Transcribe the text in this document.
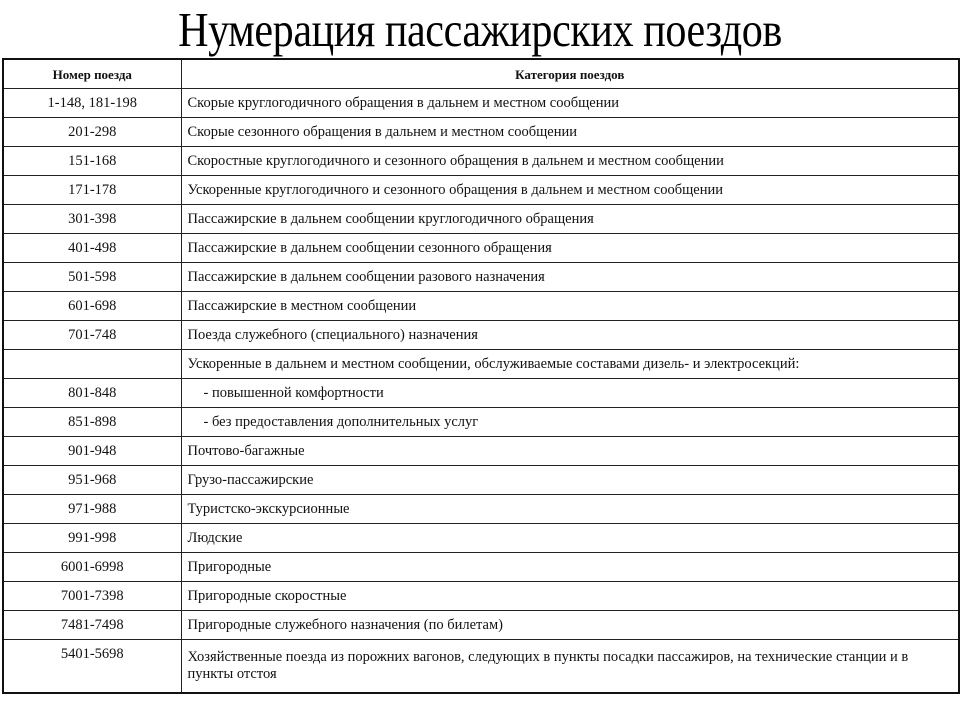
Нумерация пассажирских поездов
Номер поезда	Категория поездов
1-148, 181-198	Скорые круглогодичного обращения в дальнем и местном сообщении
201-298	Скорые сезонного обращения в дальнем и местном сообщении
151-168	Скоростные круглогодичного и сезонного обращения в дальнем и местном сообщении
171-178	Ускоренные круглогодичного и сезонного обращения в дальнем и местном сообщении
301-398	Пассажирские в дальнем сообщении круглогодичного обращения
401-498	Пассажирские в дальнем сообщении сезонного обращения
501-598	Пассажирские в дальнем сообщении разового назначения
601-698	Пассажирские в местном сообщении
701-748	Поезда служебного (специального) назначения
	Ускоренные в дальнем и местном сообщении, обслуживаемые составами дизель- и электросекций:
801-848	- повышенной комфортности
851-898	- без предоставления дополнительных услуг
901-948	Почтово-багажные
951-968	Грузо-пассажирские
971-988	Туристско-экскурсионные
991-998	Людские
6001-6998	Пригородные
7001-7398	Пригородные скоростные
7481-7498	Пригородные служебного назначения (по билетам)
5401-5698	Хозяйственные поезда из порожних вагонов, следующих в пункты посадки пассажиров, на технические станции и в пункты отстоя
